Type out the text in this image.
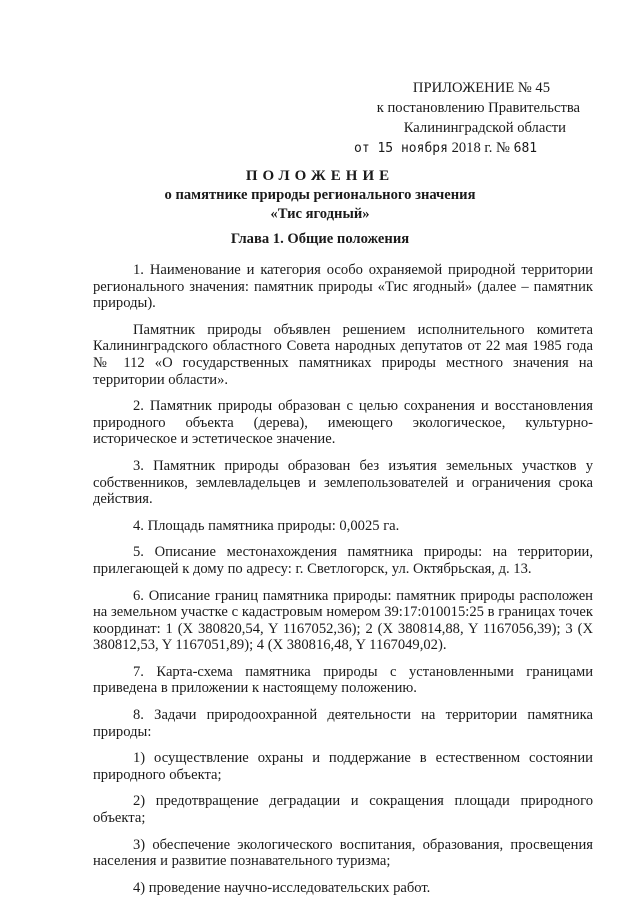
ПРИЛОЖЕНИЕ № 45
к постановлению Правительства
Калининградской области
от 15 ноября 2018 г. № 681
ПОЛОЖЕНИЕ
о памятнике природы регионального значения
«Тис ягодный»
Глава 1. Общие положения

1. Наименование и категория особо охраняемой природной территории регионального значения: памятник природы «Тис ягодный» (далее – памятник природы).

Памятник природы объявлен решением исполнительного комитета Калининградского областного Совета народных депутатов от 22 мая 1985 года № 112 «О государственных памятниках природы местного значения на территории области».

2. Памятник природы образован с целью сохранения и восстановления природного объекта (дерева), имеющего экологическое, культурно-историческое и эстетическое значение.

3. Памятник природы образован без изъятия земельных участков у собственников, землевладельцев и землепользователей и ограничения срока действия.

4. Площадь памятника природы: 0,0025 га.

5. Описание местонахождения памятника природы: на территории, прилегающей к дому по адресу: г. Светлогорск, ул. Октябрьская, д. 13.

6. Описание границ памятника природы: памятник природы расположен на земельном участке с кадастровым номером 39:17:010015:25 в границах точек координат: 1 (X 380820,54, Y 1167052,36); 2 (X 380814,88, Y 1167056,39); 3 (X 380812,53, Y 1167051,89); 4 (X 380816,48, Y 1167049,02).

7. Карта-схема памятника природы с установленными границами приведена в приложении к настоящему положению.

8. Задачи природоохранной деятельности на территории памятника природы:

1) осуществление охраны и поддержание в естественном состоянии природного объекта;

2) предотвращение деградации и сокращения площади природного объекта;

3) обеспечение экологического воспитания, образования, просвещения населения и развитие познавательного туризма;

4) проведение научно-исследовательских работ.
